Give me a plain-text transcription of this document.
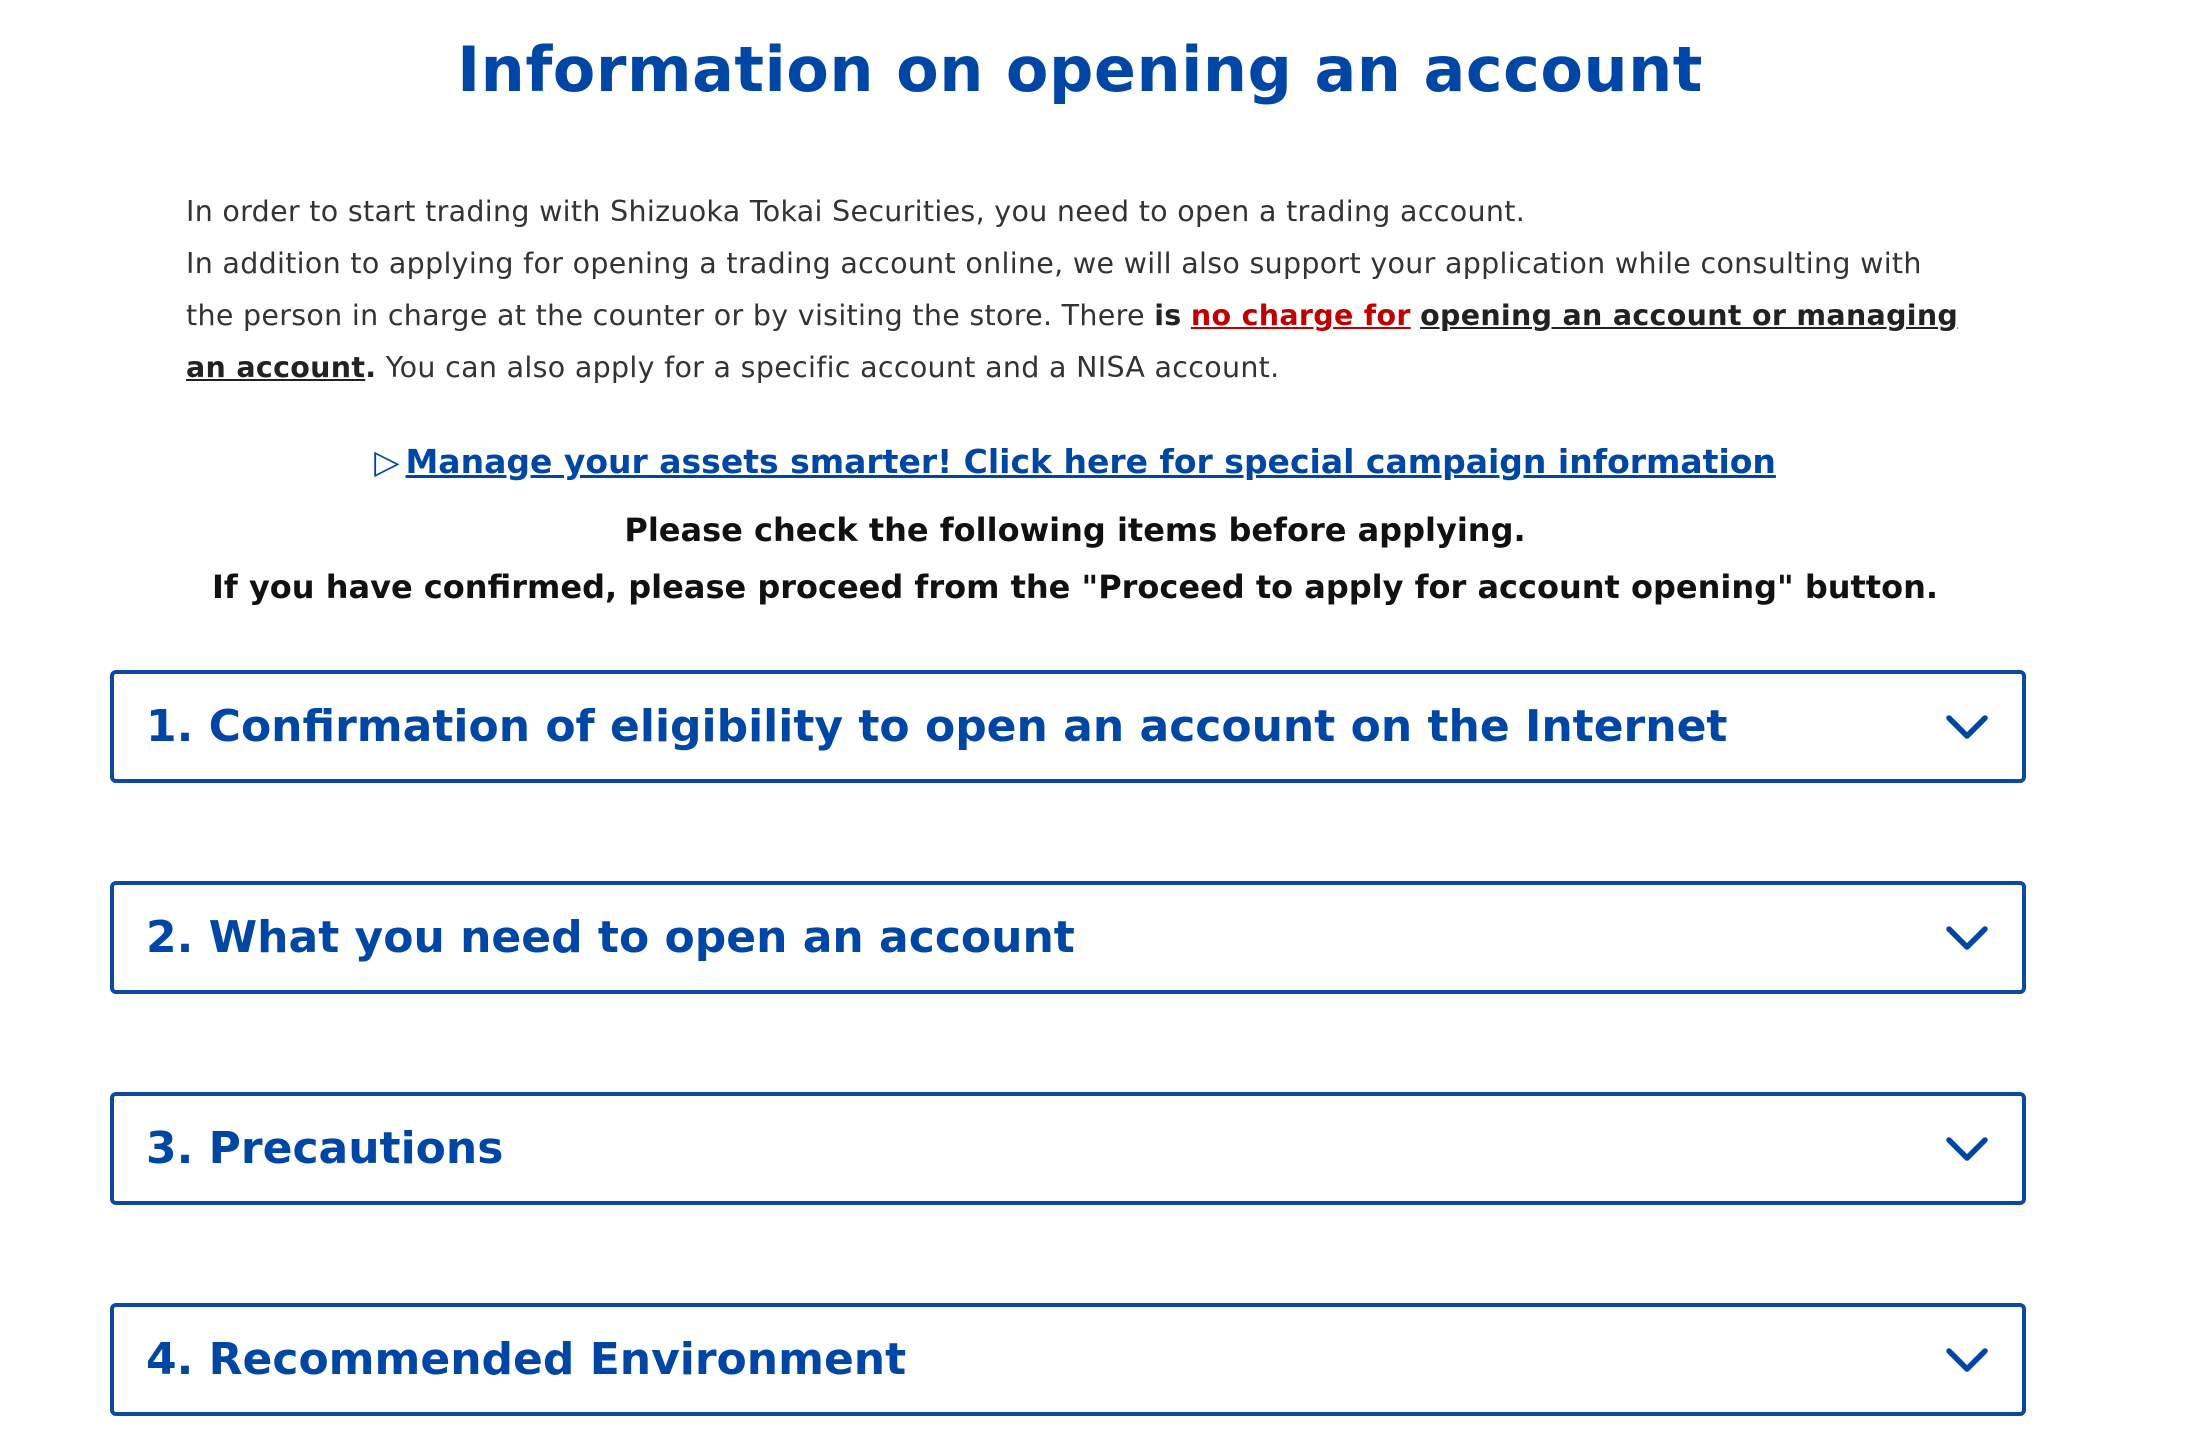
Information on opening an account

In order to start trading with Shizuoka Tokai Securities, you need to open a trading account.
In addition to applying for opening a trading account online, we will also support your application while consulting with the person in charge at the counter or by visiting the store. There is no charge for opening an account or managing an account. You can also apply for a specific account and a NISA account.

▷ Manage your assets smarter! Click here for special campaign information

Please check the following items before applying.

If you have confirmed, please proceed from the "Proceed to apply for account opening" button.

1. Confirmation of eligibility to open an account on the Internet
2. What you need to open an account
3. Precautions
4. Recommended Environment
